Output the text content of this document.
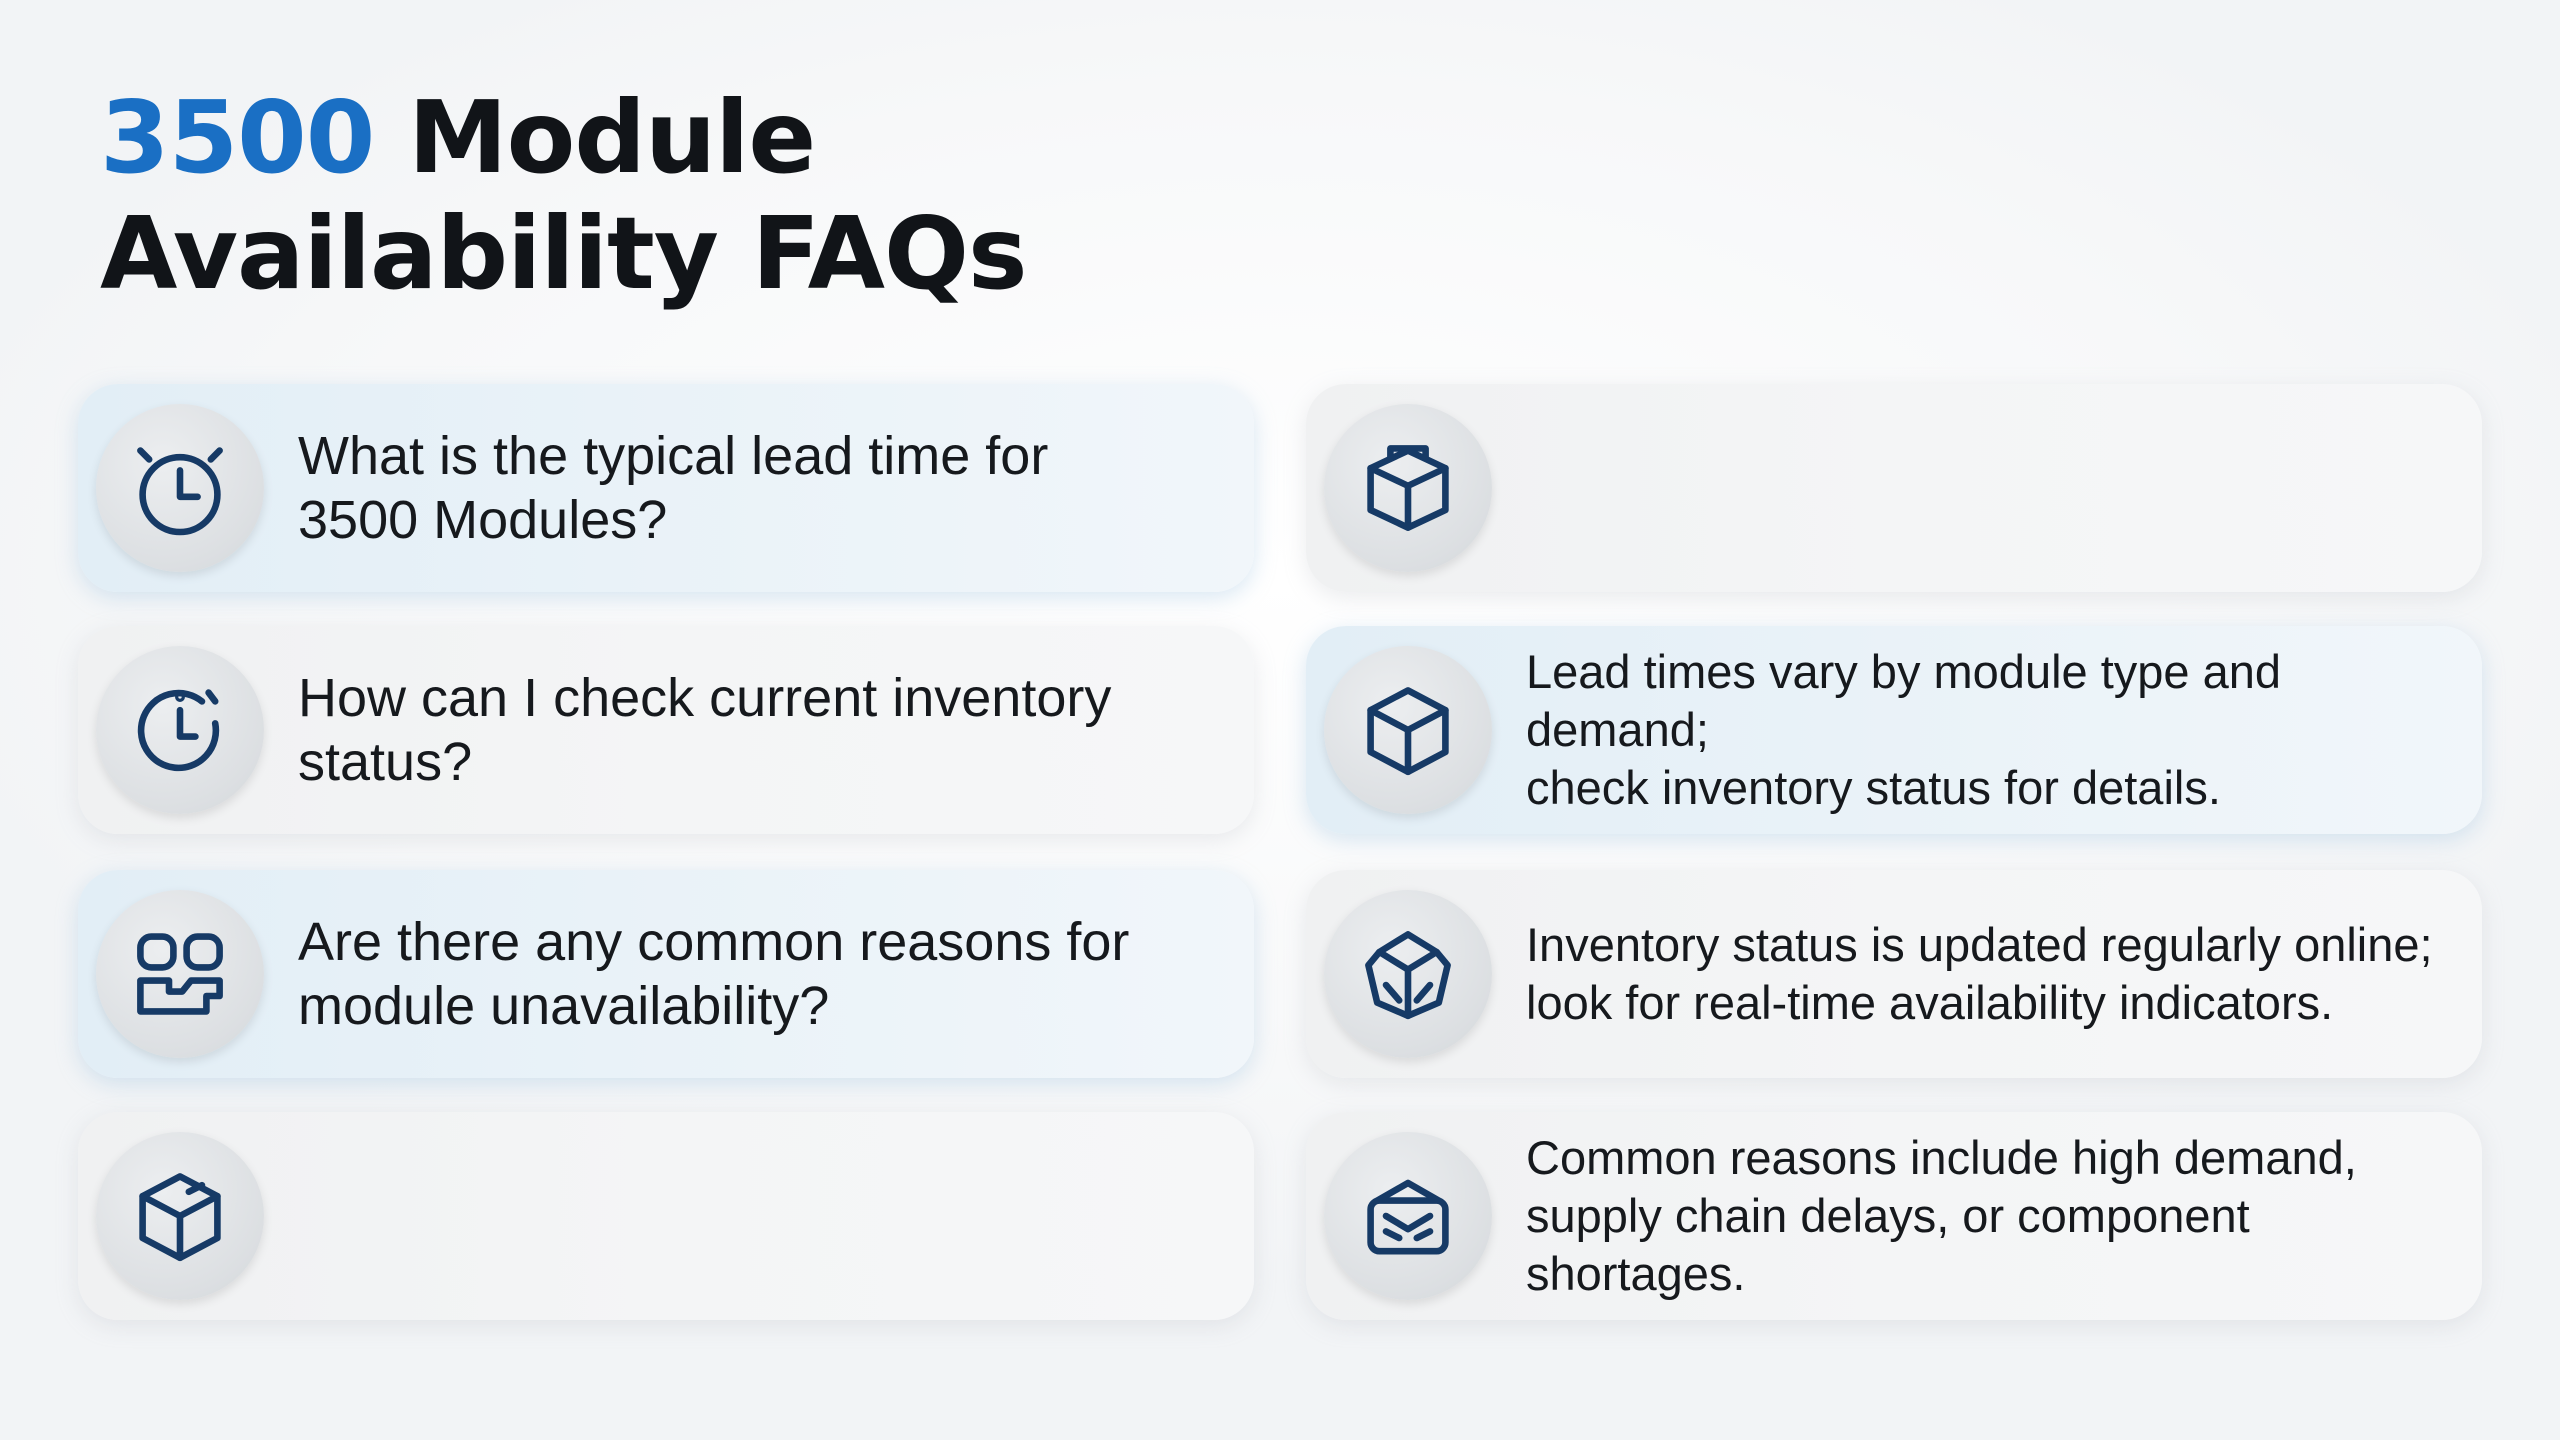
3500 Module
Availability FAQs

What is the typical lead time for
3500 Modules?

How can I check current inventory
status?

Are there any common reasons for
module unavailability?

Lead times vary by module type and demand;
check inventory status for details.

Inventory status is updated regularly online;
look for real-time availability indicators.

Common reasons include high demand,
supply chain delays, or component shortages.
